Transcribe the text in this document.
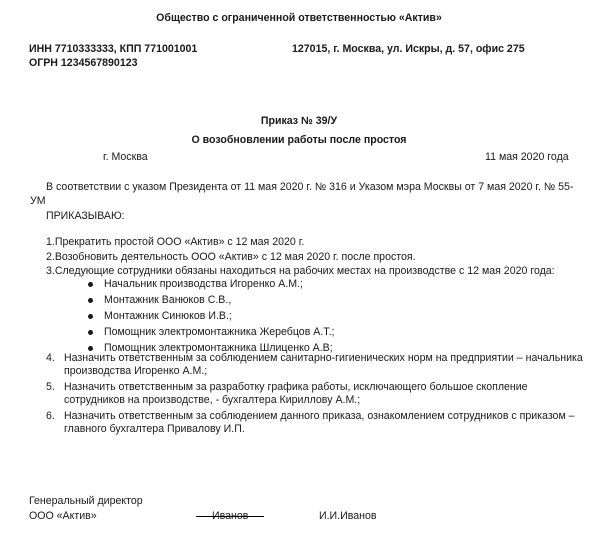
Общество с ограниченной ответственностью «Актив»
ИНН 7710333333, КПП 771001001
ОГРН 1234567890123
127015, г. Москва, ул. Искры, д. 57, офис 275
Приказ № 39/У
О возобновлении работы после простоя
г. Москва	11 мая 2020 года
В соответствии с указом Президента от 11 мая 2020 г. № 316 и Указом мэра Москвы от 7 мая 2020 г. № 55-
УМ
ПРИКАЗЫВАЮ:
1.Прекратить простой ООО «Актив» с 12 мая 2020 г.
2.Возобновить деятельность ООО «Актив» с 12 мая 2020 г. после простоя.
3.Следующие сотрудники обязаны находиться на рабочих местах на производстве с 12 мая 2020 года:
Начальник производства Игоренко А.М.;
Монтажник Ванюков С.В.,
Монтажник Синюков И.В.;
Помощник электромонтажника Жеребцов А.Т.;
Помощник электромонтажника Шлиценко А.В;
4. Назначить ответственным за соблюдением санитарно-гигиенических норм на предприятии – начальника производства Игоренко А.М.;
5. Назначить ответственным за разработку графика работы, исключающего большое скопление сотрудников на производстве, - бухгалтера Кириллову А.М.;
6. Назначить ответственным за соблюдением данного приказа, ознакомлением сотрудников с приказом – главного бухгалтера Привалову И.П.
Генеральный директор
ООО «Актив»	Иванов	И.И.Иванов
